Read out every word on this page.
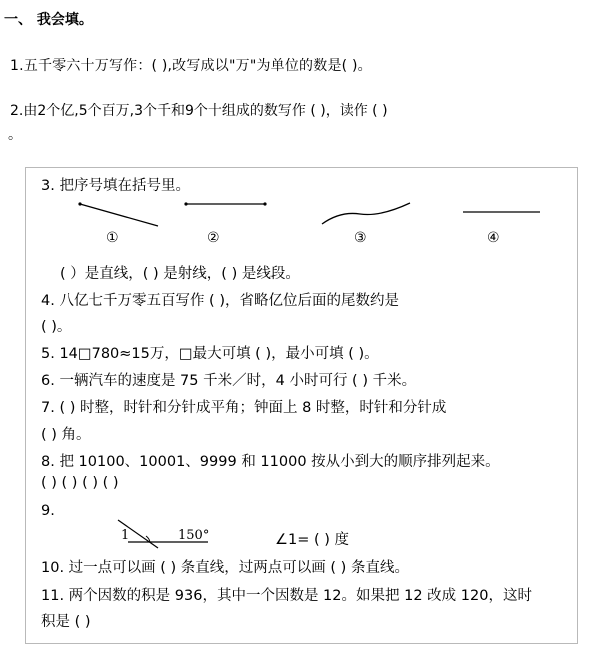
一、 我会填。
1.五千零六十万写作：( ),改写成以"万"为单位的数是( )。
2.由2个亿,5个百万,3个千和9个十组成的数写作 ( )，读作 ( )
。
3. 把序号填在括号里。
①	②	③	④
( ）是直线，( ) 是射线，( ) 是线段。
4. 八亿七千万零五百写作 ( )，省略亿位后面的尾数约是
( )。
5. 14□780≈15万，□最大可填 ( )，最小可填 ( )。
6. 一辆汽车的速度是 75 千米／时，4 小时可行 ( ) 千米。
7. ( ) 时整，时针和分针成平角；钟面上 8 时整，时针和分针成
( ) 角。
8. 把 10100、10001、9999 和 11000 按从小到大的顺序排列起来。
( ) ( ) ( ) ( )
9.
1	150°	∠1= ( ) 度
10. 过一点可以画 ( ) 条直线，过两点可以画 ( ) 条直线。
11. 两个因数的积是 936，其中一个因数是 12。如果把 12 改成 120，这时
积是 ( )
